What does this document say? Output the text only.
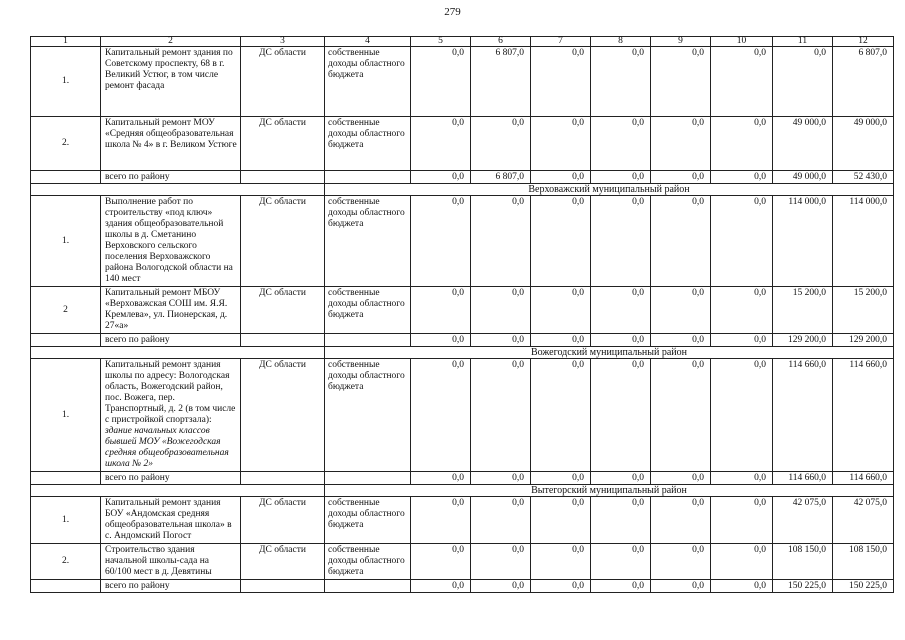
279
1	2	3	4	5	6	7	8	9	10	11	12
1.	Капитальный ремонт здания по Советскому проспекту, 68 в г. Великий Устюг, в том числе ремонт фасада	ДС области	собственные доходы областного бюджета	0,0	6 807,0	0,0	0,0	0,0	0,0	0,0	6 807,0
2.	Капитальный ремонт МОУ «Средняя общеобразовательная школа № 4» в г. Великом Устюге	ДС области	собственные доходы областного бюджета	0,0	0,0	0,0	0,0	0,0	0,0	49 000,0	49 000,0
	всего по району			0,0	6 807,0	0,0	0,0	0,0	0,0	49 000,0	52 430,0
			Верховажский муниципальный район								
1.	Выполнение работ по строительству «под ключ» здания общеобразовательной школы в д. Сметанино Верховского сельского поселения Верховажского района Вологодской области на 140 мест	ДС области	собственные доходы областного бюджета	0,0	0,0	0,0	0,0	0,0	0,0	114 000,0	114 000,0
2	Капитальный ремонт МБОУ «Верховажская СОШ им. Я.Я. Кремлева», ул. Пионерская, д. 27«а»	ДС области	собственные доходы областного бюджета	0,0	0,0	0,0	0,0	0,0	0,0	15 200,0	15 200,0
	всего по району			0,0	0,0	0,0	0,0	0,0	0,0	129 200,0	129 200,0
			Вожегодский муниципальный район								
1.	Капитальный ремонт здания школы по адресу: Вологодская область, Вожегодский район, пос. Вожега, пер. Транспортный, д. 2 (в том числе с пристройкой спортзала): здание начальных классов бывшей МОУ «Вожегодская средняя общеобразовательная школа № 2»	ДС области	собственные доходы областного бюджета	0,0	0,0	0,0	0,0	0,0	0,0	114 660,0	114 660,0
	всего по району			0,0	0,0	0,0	0,0	0,0	0,0	114 660,0	114 660,0
			Вытегорский муниципальный район								
1.	Капитальный ремонт здания БОУ «Андомская средняя общеобразовательная школа» в с. Андомский Погост	ДС области	собственные доходы областного бюджета	0,0	0,0	0,0	0,0	0,0	0,0	42 075,0	42 075,0
2.	Строительство здания начальной школы-сада на 60/100 мест в д. Девятины	ДС области	собственные доходы областного бюджета	0,0	0,0	0,0	0,0	0,0	0,0	108 150,0	108 150,0
	всего по району			0,0	0,0	0,0	0,0	0,0	0,0	150 225,0	150 225,0
